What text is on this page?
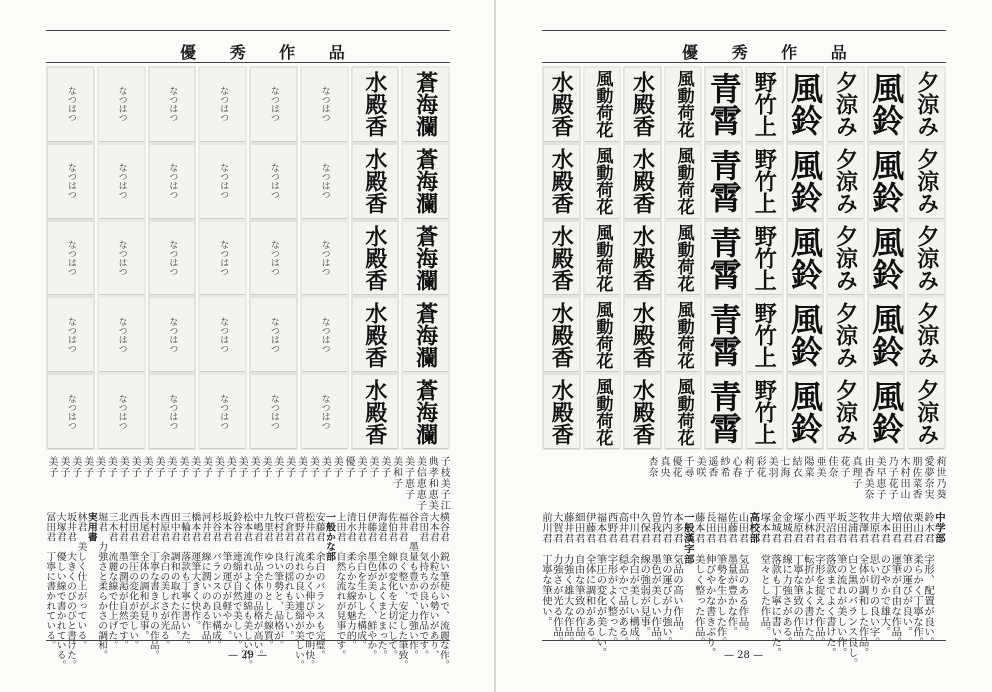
優 秀 作 品
蒼海瀾
蒼海瀾
蒼海瀾
蒼海瀾
蒼海瀾
水殿香
水殿香
水殿香
水殿香
水殿香
なつはつ
なつはつ
なつはつ
なつはつ
なつはつ
なつはつ
なつはつ
なつはつ
なつはつ
なつはつ
なつはつ
なつはつ
なつはつ
なつはつ
なつはつ
なつはつ
なつはつ
なつはつ
なつはつ
なつはつ
なつはつ
なつはつ
なつはつ
なつはつ
なつはつ
なつはつ
なつはつ
なつはつ
なつはつ
なつはつ
子枝美子江
典孝和恵美
美信恵恵子
美子恵子
美和子
美子
美子
美子
優子
美子
美子
美子
美子
美子
美子
美子
美子
美子
美子
美子
美子
美子
美子
美子
美子
美子
美子
美子
美子
美子
美子
美子
美子
美子
横谷君　鋭い筆使いで、流麗な作。
大本君　小粒ながら勢いがあり、
音田君　気持ちの良い作品です。
谷君　墨量も豊かで、力強い作。
福井君　良く整い、安定した筆致。
佐伯君　線の変化を大切にして。
海達君　全体がよくまとまった。
伊藤君　墨色が美しく、鮮やか。
日井君　余白を生かした構成。
清水君　柔らかな線が魅力的。
上田君　自然な流れが見事です。
一般かな部
安藤君　余白のバランスも完璧。
松井君　柔らかく伸びやかで明快。
菅野君　流れの良い連綿が美しい。
戸倉君　行の揺れも美しい。
牧村君　良い筆勢と、品格が。
九里君　ゆったりとした線質。
中嶋君　作品全体の品格が高い。
松本君　流れよく連綿も美しい作。
鈴谷君　連綿が自然で美しい。
坂本君　筆の運びが軽やか。
杉谷君　バランスの良い構成。
河井君　線に潤いのある作品。
橋本君　運筆大きく快作。
三輪君　落款も丁寧に書いた。
田中君　調和の取れた作品。
西原君　余白の美しさが光る。
木村君　丁寧な書きぶりの作品。
長尾君　全体の調和が見事。
西田君　筆圧の変化が美しい。
北村君　墨の潤渇が自然です。
三木君　流麗な線で仕上げた。
堀君　力強さと柔らかさの調和。
実用書
林君　美しく仕上がっている。
坂井君　大きくのびのびと書けた。
大塚君　優しい線で書かれている。
冨田君　丁寧に書かれている。
— 29 —
優 秀 作 品
夕涼み
夕涼み
夕涼み
夕涼み
夕涼み
風鈴
風鈴
風鈴
風鈴
風鈴
夕涼み
夕涼み
夕涼み
夕涼み
夕涼み
風鈴
風鈴
風鈴
風鈴
風鈴
野竹上
野竹上
野竹上
野竹上
野竹上
青霄
青霄
青霄
青霄
青霄
風動荷花
風動荷花
風動荷花
風動荷花
風動荷花
水殿香
水殿香
水殿香
水殿香
水殿香
風動荷花
風動荷花
風動荷花
風動荷花
風動荷花
水殿香
水殿香
水殿香
水殿香
水殿香
莉世乃葵
愛夢奈実
朋佐菜香
木村田山
乃子花子
美早恵子
由香美奈
真理子
花子
佳奈
亜美
陽菜
結衣
七海
美羽
彩花
莉子
心春
紗希
遥香
美咲
千尋
優花
真央
杏奈
中学部
鈴木君　字形、配置が良い。
栗山君　柔らかく丁寧な作。
依田君　筆の運びが良い。
増田君　運筆が自由な作品。
大本君　のびやかで雄大。
井原君　思い切りの良い字。
牧澤君　全体が調和した作品。
芝浦君　白と黒のバランス良し。
坂田君　筆の流れが美しい作。
平沼君　落款までよく書けた。
西沢君　字形を捉えた作品。
小林君　転折がよく書けた。
塚原君　丁寧な筆致の作品。
金城君　線に力強さがある。
金城君　落款も丁寧に書いた。
塚本君　堂々とした作品。
高校部
山田君　気品のある作品。
佐藤君　墨量が豊かな作。
福田君　筆勢を生かした作。
長田君　伸びやかな書きぶり。
藤本君　美しく整った作品。
一般漢字部
本多君　気品の高い作品。
竹内君　筆の運びが力強い。
曽我君　墨色が美しい作品。
久保君　線の強弱が見事。
中川君　余白が美しい構成。
高井君　穏やかで品がある。
西野君　字形がよく整った。
福本君　筆圧の変化が美しい。
伊藤君　全体に調和がある。
細田君　自由な筆致の作品。
藤井君　力強く雄大な作品。
大賀君　力強さが光る作品。
前川君　丁寧な筆使い。
— 28 —
